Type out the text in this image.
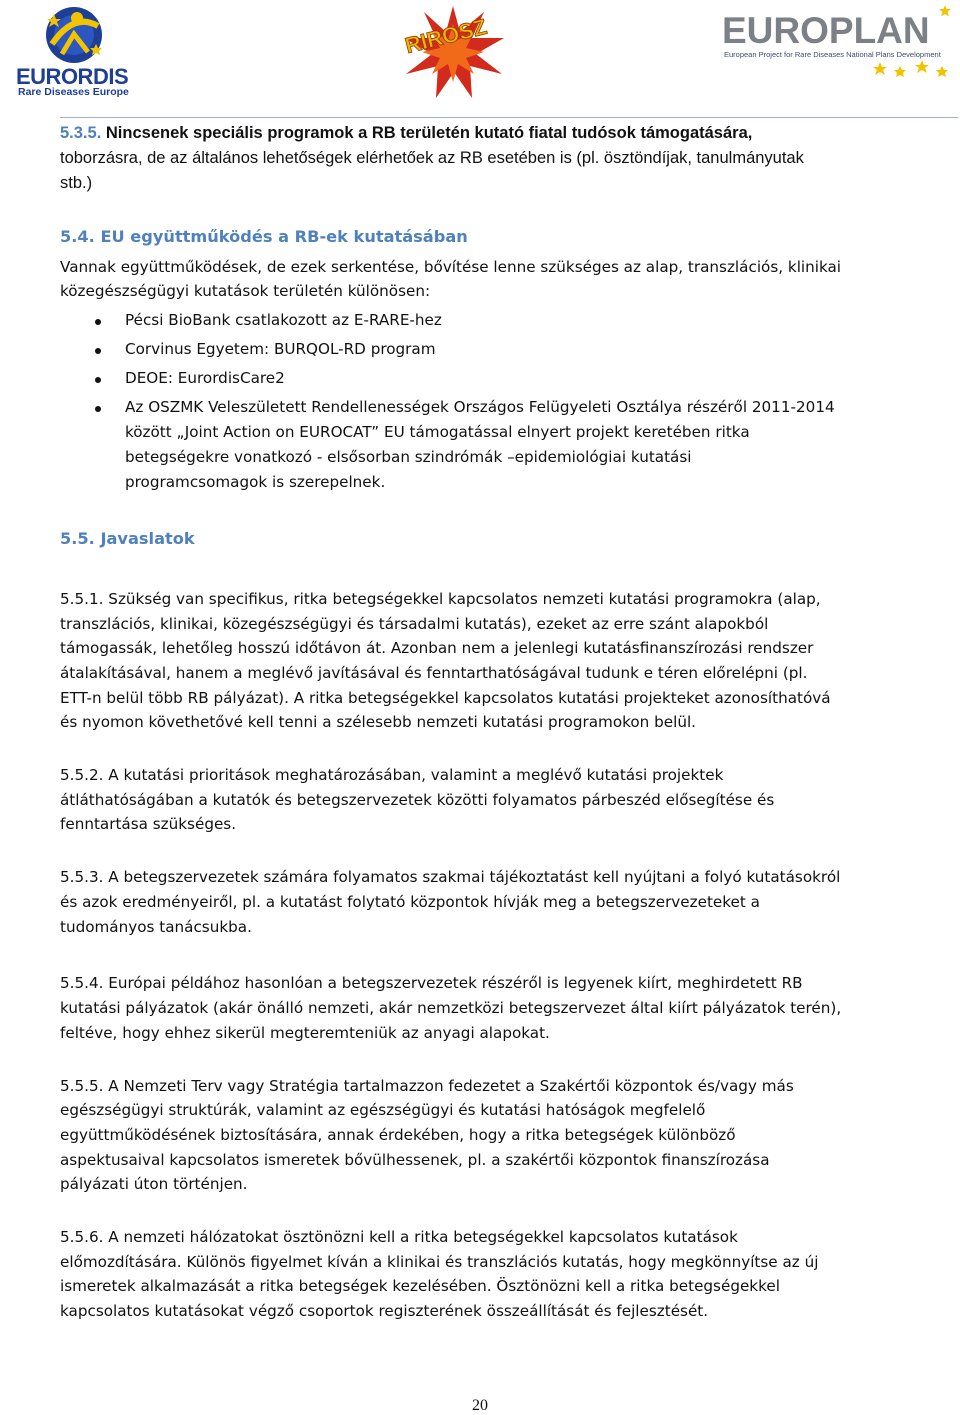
EURORDIS
Rare Diseases Europe
RIROSZ	EUROPLAN
European Project for Rare Diseases National Plans Development
5.3.5. Nincsenek speciális programok a RB területén kutató fiatal tudósok támogatására,
toborzásra, de az általános lehetőségek elérhetőek az RB esetében is (pl. ösztöndíjak, tanulmányutak
stb.)
5.4. EU együttműködés a RB-ek kutatásában
Vannak együttműködések, de ezek serkentése, bővítése lenne szükséges az alap, transzlációs, klinikai
közegészségügyi kutatások területén különösen:
Pécsi BioBank csatlakozott az E-RARE-hez
Corvinus Egyetem: BURQOL-RD program
DEOE: EurordisCare2
Az OSZMK Veleszületett Rendellenességek Országos Felügyeleti Osztálya részéről 2011-2014
között „Joint Action on EUROCAT” EU támogatással elnyert projekt keretében ritka
betegségekre vonatkozó - elsősorban szindrómák –epidemiológiai kutatási
programcsomagok is szerepelnek.
5.5. Javaslatok
5.5.1. Szükség van specifikus, ritka betegségekkel kapcsolatos nemzeti kutatási programokra (alap,
transzlációs, klinikai, közegészségügyi és társadalmi kutatás), ezeket az erre szánt alapokból
támogassák, lehetőleg hosszú időtávon át. Azonban nem a jelenlegi kutatásfinanszírozási rendszer
átalakításával, hanem a meglévő javításával és fenntarthatóságával tudunk e téren előrelépni (pl.
ETT-n belül több RB pályázat). A ritka betegségekkel kapcsolatos kutatási projekteket azonosíthatóvá
és nyomon követhetővé kell tenni a szélesebb nemzeti kutatási programokon belül.
5.5.2. A kutatási prioritások meghatározásában, valamint a meglévő kutatási projektek
átláthatóságában a kutatók és betegszervezetek közötti folyamatos párbeszéd elősegítése és
fenntartása szükséges.
5.5.3. A betegszervezetek számára folyamatos szakmai tájékoztatást kell nyújtani a folyó kutatásokról
és azok eredményeiről, pl. a kutatást folytató központok hívják meg a betegszervezeteket a
tudományos tanácsukba.
5.5.4. Európai példához hasonlóan a betegszervezetek részéről is legyenek kiírt, meghirdetett RB
kutatási pályázatok (akár önálló nemzeti, akár nemzetközi betegszervezet által kiírt pályázatok terén),
feltéve, hogy ehhez sikerül megteremteniük az anyagi alapokat.
5.5.5. A Nemzeti Terv vagy Stratégia tartalmazzon fedezetet a Szakértői központok és/vagy más
egészségügyi struktúrák, valamint az egészségügyi és kutatási hatóságok megfelelő
együttműködésének biztosítására, annak érdekében, hogy a ritka betegségek különböző
aspektusaival kapcsolatos ismeretek bővülhessenek, pl. a szakértői központok finanszírozása
pályázati úton történjen.
5.5.6. A nemzeti hálózatokat ösztönözni kell a ritka betegségekkel kapcsolatos kutatások
előmozdítására. Különös figyelmet kíván a klinikai és transzlációs kutatás, hogy megkönnyítse az új
ismeretek alkalmazását a ritka betegségek kezelésében. Ösztönözni kell a ritka betegségekkel
kapcsolatos kutatásokat végző csoportok regiszterének összeállítását és fejlesztését.
20
